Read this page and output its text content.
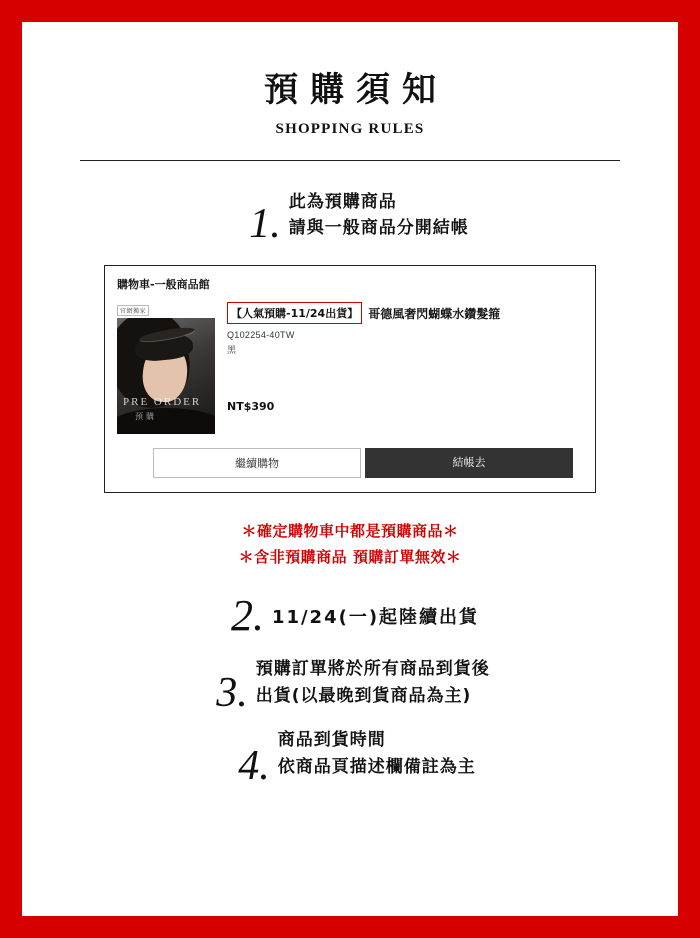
預購須知
SHOPPING RULES
1. 此為預購商品
請與一般商品分開結帳
購物車-一般商品館
官網獨家
PRE ORDER
預購
【人氣預購-11/24出貨】 哥德風奢閃蝴蝶水鑽髮箍
Q102254-40TW
黑
NT$390
繼續購物	結帳去
＊確定購物車中都是預購商品＊
＊含非預購商品 預購訂單無效＊
2. 11/24(一)起陸續出貨
3.
預購訂單將於所有商品到貨後
出貨(以最晚到貨商品為主)
4.
商品到貨時間
依商品頁描述欄備註為主
